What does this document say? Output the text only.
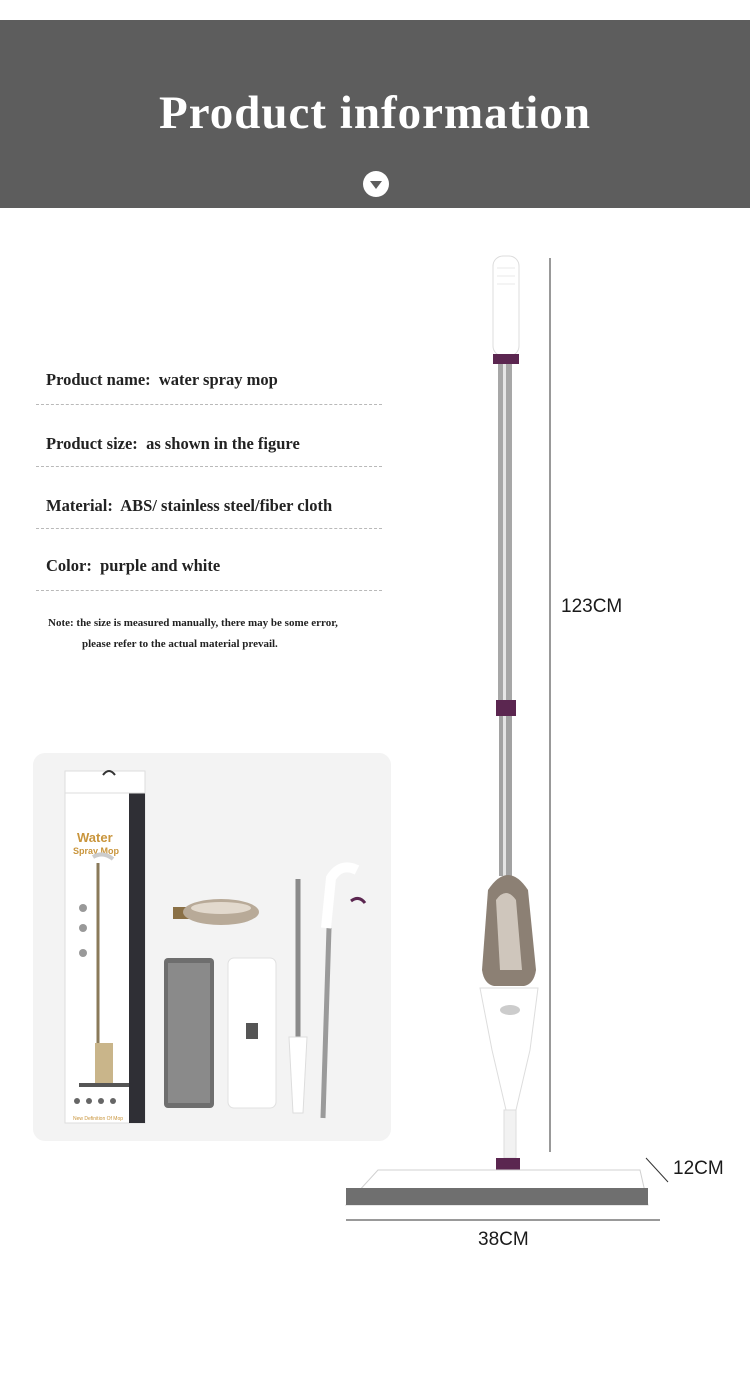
Product information
Product name: water spray mop
Product size: as shown in the figure
Material: ABS/ stainless steel/fiber cloth
Color: purple and white
Note: the size is measured manually, there may be some error,
please refer to the actual material prevail.
Water
Spray Mop
New Definition Of Mop
123CM
12CM
38CM
